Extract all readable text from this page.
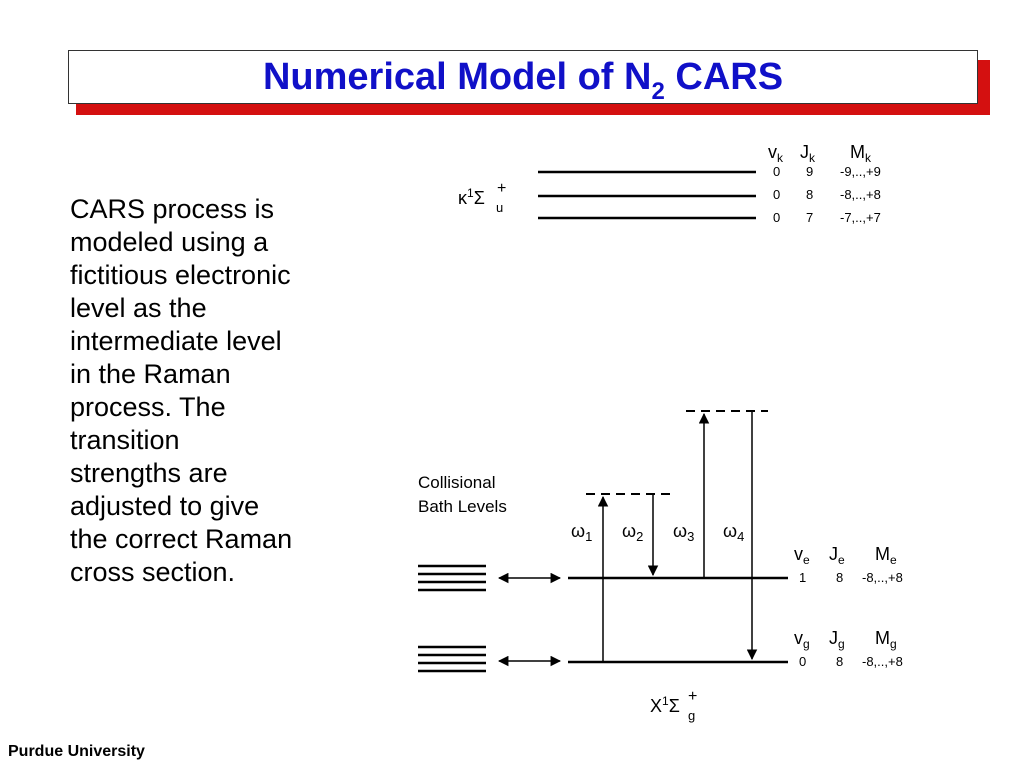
Numerical Model of $N_2$ CARS
CARS process is
modeled using a
fictitious electronic
level as the
intermediate level
in the Raman
process. The
transition
strengths are
adjusted to give
the correct Raman
cross section.
$\kappa^1\Sigma$ +
u
$v_k$ $J_k$ $M_k$
0 9 -9,..,+9
0 8 -8,..,+8
0 7 -7,..,+7
Collisional
Bath Levels
$\omega_1$ $\omega_2$ $\omega_3$ $\omega_4$
$v_e$ $J_e$ $M_e$
1 8 -8,..,+8
$v_g$ $J_g$ $M_g$
0 8 -8,..,+8
$X^1\Sigma$ +
g
Purdue University
